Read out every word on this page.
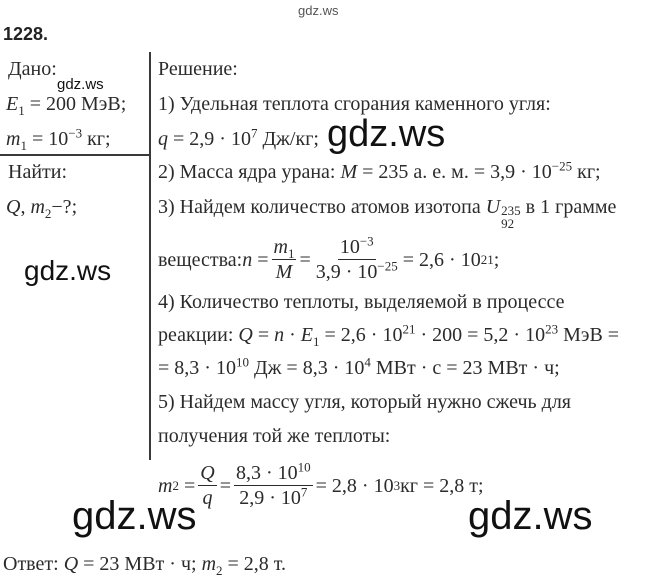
gdz.ws
1228.
Дано:
gdz.ws
$E_1 = 200$ МэВ;
$m_1 = 10^{-3}$ кг;
Найти:
Q, $m_2-$?;
gdz.ws
Решение:
1) Удельная теплота сгорания каменного угля:
$q = 2,9 \cdot 10^7$ Дж/кг; gdz.ws
2) Масса ядра урана: M = 235 а. е. м. = $3,9 \cdot 10^{-25}$ кг;
3) Найдем количество атомов изотопа U 235
92
в 1 грамме
вещества: $n = \frac{m_1}{M} = \frac{10^{-3}}{3,9 \cdot 10^{-25}} = 2,6 \cdot 10$ 21 ;
4) Количество теплоты, выделяемой в процессе
реакции: $Q = n \cdot E_1 = 2,6 \cdot 10^{21} \cdot 200 = 5,2 \cdot 10^{23}$ МэВ =
= $8,3 \cdot 10^{10}$ Дж = $8,3 \cdot 10^4$ МВт · с = 23 МВт · ч;
5) Найдем массу угля, который нужно сжечь для
получения той же теплоты:
m $2 = \frac{Q}{q} = \frac{8,3 \cdot 10^{10}}{2,9 \cdot 10^7} = 2,8 \cdot 10$ 3 кг = 2,8 т;
gdz.ws	gdz.ws
Ответ: Q = 23 МВт · ч; $m_2 = 2,8$ т.
